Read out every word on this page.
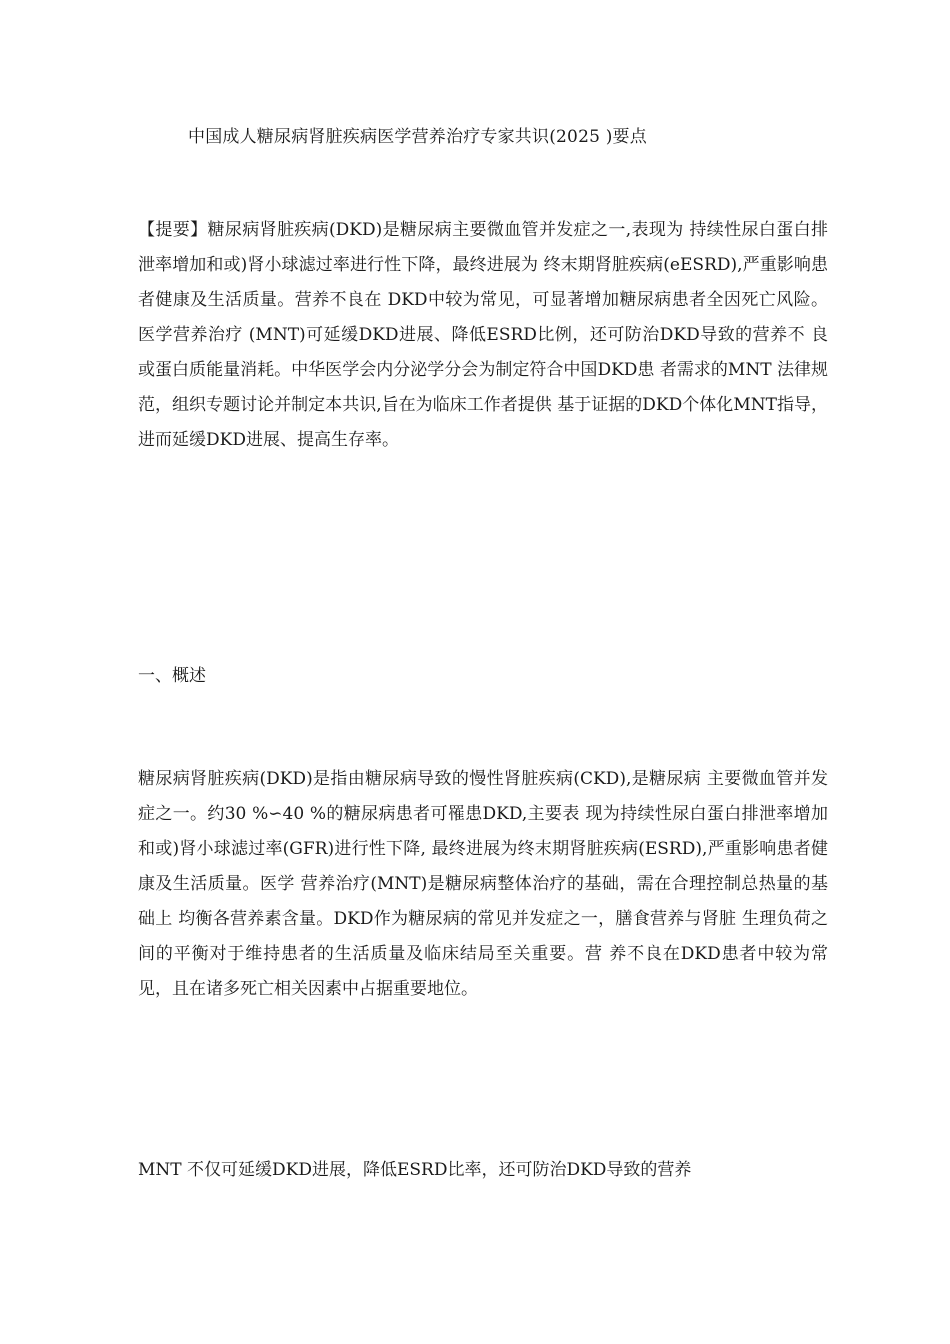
中国成人糖尿病肾脏疾病医学营养治疗专家共识(2025 )要点

【提要】糖尿病肾脏疾病(DKD)是糖尿病主要微血管并发症之一,表现为 持续性尿白蛋白排泄率增加和或)肾小球滤过率进行性下降，最终进展为 终末期肾脏疾病(eESRD),严重影响患者健康及生活质量。营养不良在 DKD中较为常见，可显著增加糖尿病患者全因死亡风险。医学营养治疗 (MNT)可延缓DKD进展、降低ESRD比例，还可防治DKD导致的营养不 良或蛋白质能量消耗。中华医学会内分泌学分会为制定符合中国DKD患 者需求的MNT 法律规范，组织专题讨论并制定本共识,旨在为临床工作者提供 基于证据的DKD个体化MNT指导，进而延缓DKD进展、提高生存率。

一、概述

糖尿病肾脏疾病(DKD)是指由糖尿病导致的慢性肾脏疾病(CKD),是糖尿病 主要微血管并发症之一。约30 %∽40 %的糖尿病患者可罹患DKD,主要表 现为持续性尿白蛋白排泄率增加和或)肾小球滤过率(GFR)进行性下降, 最终进展为终末期肾脏疾病(ESRD),严重影响患者健康及生活质量。医学 营养治疗(MNT)是糖尿病整体治疗的基础，需在合理控制总热量的基础上 均衡各营养素含量。DKD作为糖尿病的常见并发症之一，膳食营养与肾脏 生理负荷之间的平衡对于维持患者的生活质量及临床结局至关重要。营 养不良在DKD患者中较为常见，且在诸多死亡相关因素中占据重要地位。

MNT 不仅可延缓DKD进展，降低ESRD比率，还可防治DKD导致的营养
